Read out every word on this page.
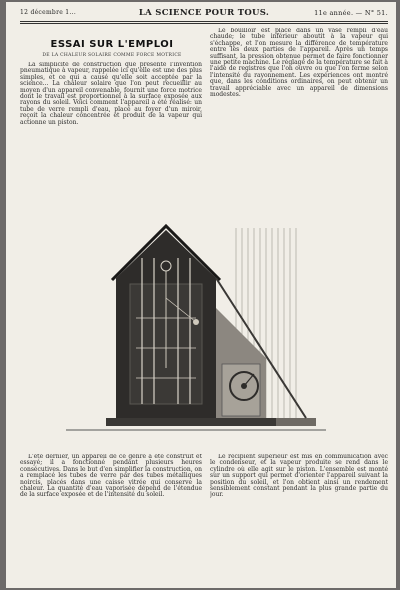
12 décembre 1...	LA SCIENCE POUR TOUS.	11e année. — N° 51.
ESSAI SUR L'EMPLOI
DE LA CHALEUR SOLAIRE COMME FORCE MOTRICE

La simplicité de construction que présente l'invention pneumatique à vapeur, rappelée ici qu'elle est une des plus simples, et ce qui a causé qu'elle soit acceptée par la science... La chaleur solaire que l'on peut recueillir au moyen d'un appareil convenable, fournit une force motrice dont le travail est proportionnel à la surface exposée aux rayons du soleil. Voici comment l'appareil a été réalisé: un tube de verre rempli d'eau, placé au foyer d'un miroir, reçoit la chaleur concentrée et produit de la vapeur qui actionne un piston.

Le bouilloir est placé dans un vase rempli d'eau chaude; le tube inférieur aboutit à la vapeur qui s'échappe, et l'on mesure la différence de température entre les deux parties de l'appareil. Après un temps suffisant, la pression obtenue permet de faire fonctionner une petite machine. Le réglage de la température se fait à l'aide de registres que l'on ouvre ou que l'on ferme selon l'intensité du rayonnement. Les expériences ont montré que, dans les conditions ordinaires, on peut obtenir un travail appréciable avec un appareil de dimensions modestes.

L'été dernier, un appareil de ce genre a été construit et essayé; il a fonctionné pendant plusieurs heures consécutives. Dans le but d'en simplifier la construction, on a remplacé les tubes de verre par des tubes métalliques noircis, placés dans une caisse vitrée qui conserve la chaleur. La quantité d'eau vaporisée dépend de l'étendue de la surface exposée et de l'intensité du soleil.

Le récipient supérieur est mis en communication avec le condenseur, et la vapeur produite se rend dans le cylindre où elle agit sur le piston. L'ensemble est monté sur un support qui permet d'orienter l'appareil suivant la position du soleil, et l'on obtient ainsi un rendement sensiblement constant pendant la plus grande partie du jour.
